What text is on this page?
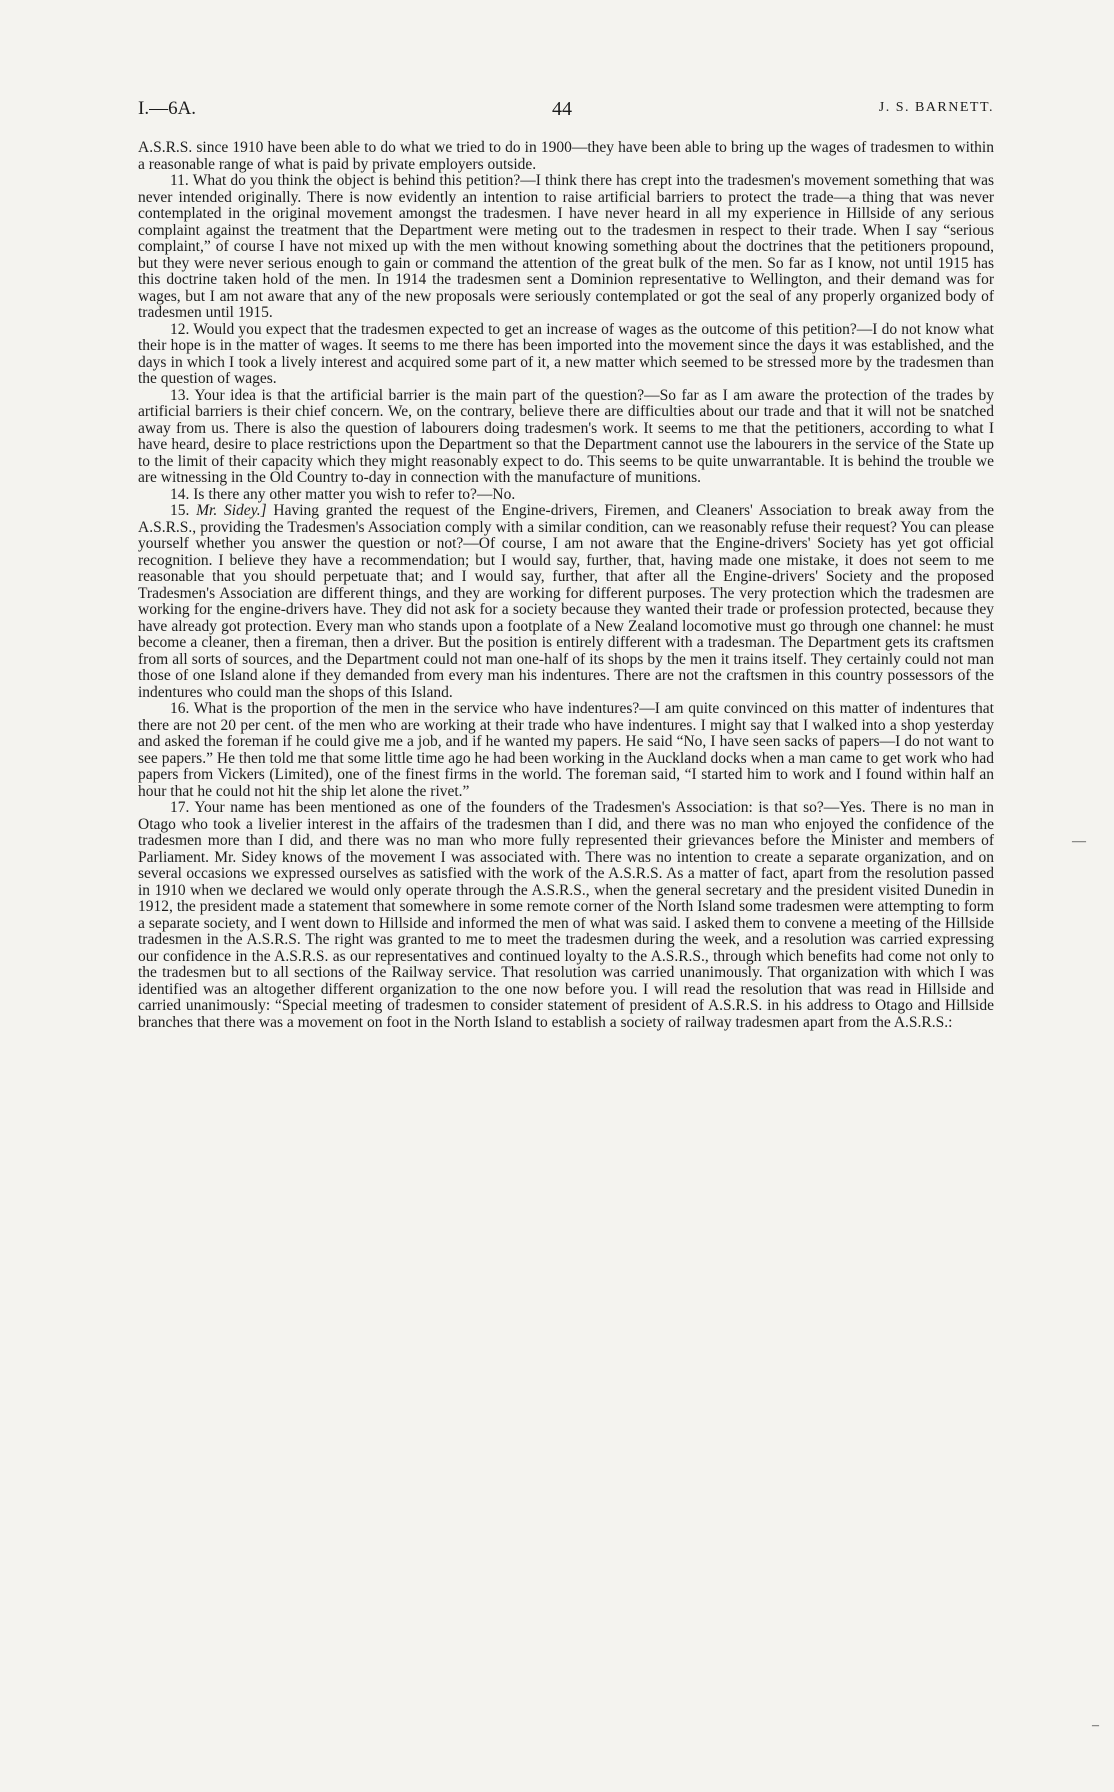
I.—6A.	44	J. S. BARNETT.

A.S.R.S. since 1910 have been able to do what we tried to do in 1900—they have been able to bring up the wages of tradesmen to within a reasonable range of what is paid by private employers outside.

11. What do you think the object is behind this petition?—I think there has crept into the tradesmen's movement something that was never intended originally. There is now evidently an intention to raise artificial barriers to protect the trade—a thing that was never contemplated in the original movement amongst the tradesmen. I have never heard in all my experience in Hillside of any serious complaint against the treatment that the Department were meting out to the tradesmen in respect to their trade. When I say “serious complaint,” of course I have not mixed up with the men without knowing something about the doctrines that the petitioners propound, but they were never serious enough to gain or command the attention of the great bulk of the men. So far as I know, not until 1915 has this doctrine taken hold of the men. In 1914 the tradesmen sent a Dominion representative to Wellington, and their demand was for wages, but I am not aware that any of the new proposals were seriously contemplated or got the seal of any properly organized body of tradesmen until 1915.

12. Would you expect that the tradesmen expected to get an increase of wages as the outcome of this petition?—I do not know what their hope is in the matter of wages. It seems to me there has been imported into the movement since the days it was established, and the days in which I took a lively interest and acquired some part of it, a new matter which seemed to be stressed more by the tradesmen than the question of wages.

13. Your idea is that the artificial barrier is the main part of the question?—So far as I am aware the protection of the trades by artificial barriers is their chief concern. We, on the contrary, believe there are difficulties about our trade and that it will not be snatched away from us. There is also the question of labourers doing tradesmen's work. It seems to me that the petitioners, according to what I have heard, desire to place restrictions upon the Department so that the Department cannot use the labourers in the service of the State up to the limit of their capacity which they might reasonably expect to do. This seems to be quite unwarrantable. It is behind the trouble we are witnessing in the Old Country to-day in connection with the manufacture of munitions.

14. Is there any other matter you wish to refer to?—No.

15. Mr. Sidey.] Having granted the request of the Engine-drivers, Firemen, and Cleaners' Association to break away from the A.S.R.S., providing the Tradesmen's Association comply with a similar condition, can we reasonably refuse their request? You can please yourself whether you answer the question or not?—Of course, I am not aware that the Engine-drivers' Society has yet got official recognition. I believe they have a recommendation; but I would say, further, that, having made one mistake, it does not seem to me reasonable that you should perpetuate that; and I would say, further, that after all the Engine-drivers' Society and the proposed Tradesmen's Association are different things, and they are working for different purposes. The very protection which the tradesmen are working for the engine-drivers have. They did not ask for a society because they wanted their trade or profession protected, because they have already got protection. Every man who stands upon a footplate of a New Zealand locomotive must go through one channel: he must become a cleaner, then a fireman, then a driver. But the position is entirely different with a tradesman. The Department gets its craftsmen from all sorts of sources, and the Department could not man one-half of its shops by the men it trains itself. They certainly could not man those of one Island alone if they demanded from every man his indentures. There are not the craftsmen in this country possessors of the indentures who could man the shops of this Island.

16. What is the proportion of the men in the service who have indentures?—I am quite convinced on this matter of indentures that there are not 20 per cent. of the men who are working at their trade who have indentures. I might say that I walked into a shop yesterday and asked the foreman if he could give me a job, and if he wanted my papers. He said “No, I have seen sacks of papers—I do not want to see papers.” He then told me that some little time ago he had been working in the Auckland docks when a man came to get work who had papers from Vickers (Limited), one of the finest firms in the world. The foreman said, “I started him to work and I found within half an hour that he could not hit the ship let alone the rivet.”

17. Your name has been mentioned as one of the founders of the Tradesmen's Association: is that so?—Yes. There is no man in Otago who took a livelier interest in the affairs of the tradesmen than I did, and there was no man who enjoyed the confidence of the tradesmen more than I did, and there was no man who more fully represented their grievances before the Minister and members of Parliament. Mr. Sidey knows of the movement I was associated with. There was no intention to create a separate organization, and on several occasions we expressed ourselves as satisfied with the work of the A.S.R.S. As a matter of fact, apart from the resolution passed in 1910 when we declared we would only operate through the A.S.R.S., when the general secretary and the president visited Dunedin in 1912, the president made a statement that somewhere in some remote corner of the North Island some tradesmen were attempting to form a separate society, and I went down to Hillside and informed the men of what was said. I asked them to convene a meeting of the Hillside tradesmen in the A.S.R.S. The right was granted to me to meet the tradesmen during the week, and a resolution was carried expressing our confidence in the A.S.R.S. as our representatives and continued loyalty to the A.S.R.S., through which benefits had come not only to the tradesmen but to all sections of the Railway service. That resolution was carried unanimously. That organization with which I was identified was an altogether different organization to the one now before you. I will read the resolution that was read in Hillside and carried unanimously: “Special meeting of tradesmen to consider statement of president of A.S.R.S. in his address to Otago and Hillside branches that there was a movement on foot in the North Island to establish a society of railway tradesmen apart from the A.S.R.S.:

—
–
